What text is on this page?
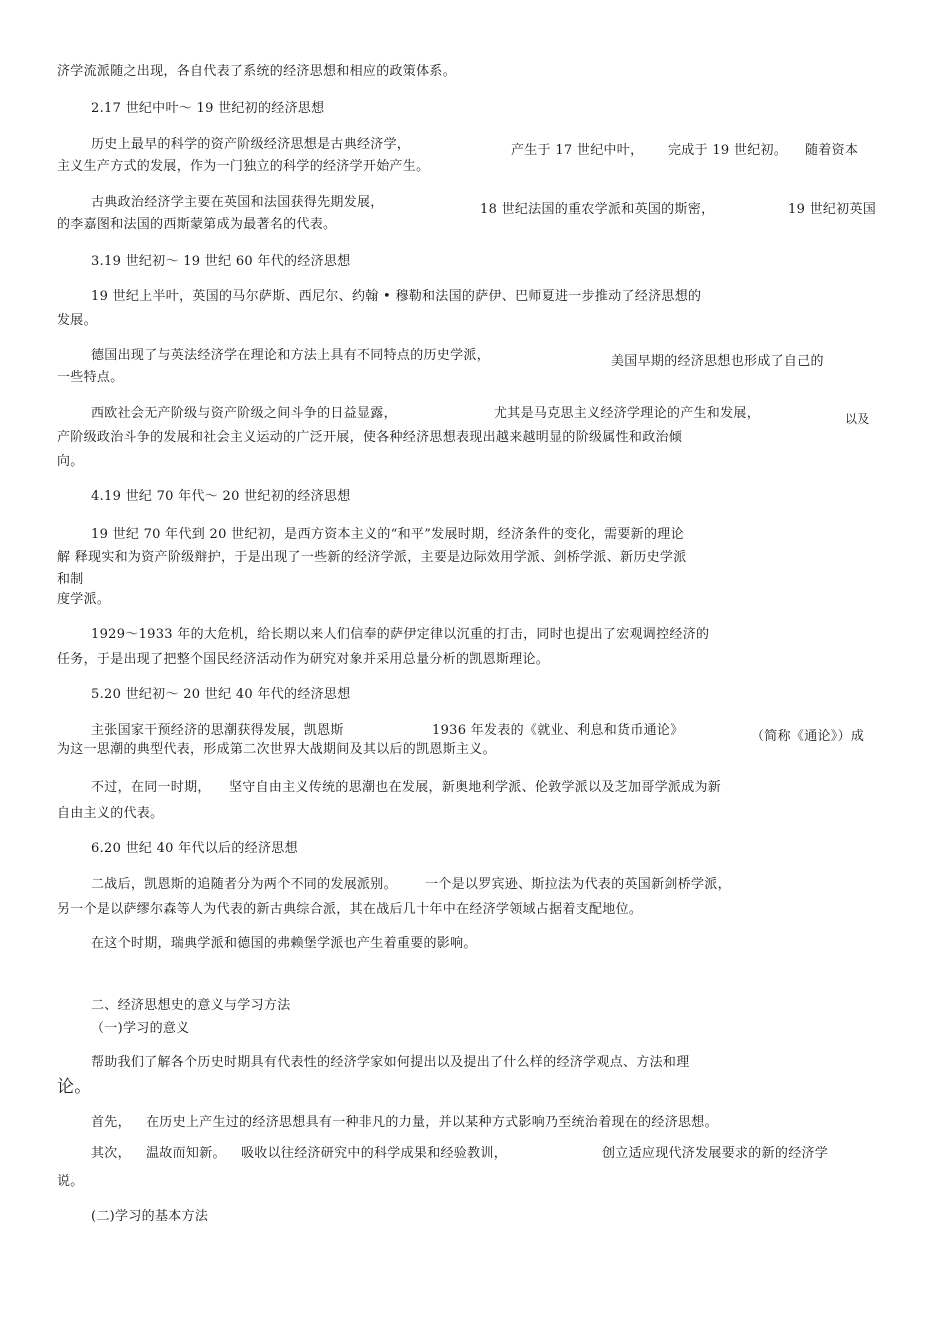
济学流派随之出现，各自代表了系统的经济思想和相应的政策体系。
2.17 世纪中叶～ 19 世纪初的经济思想
历史上最早的科学的资产阶级经济思想是古典经济学，	产生于 17 世纪中叶， 完成于 19 世纪初。 随着资本
主义生产方式的发展，作为一门独立的科学的经济学开始产生。
古典政治经济学主要在英国和法国获得先期发展，	18 世纪法国的重农学派和英国的斯密，	19 世纪初英国
的李嘉图和法国的西斯蒙第成为最著名的代表。
3.19 世纪初～ 19 世纪 60 年代的经济思想
19 世纪上半叶，英国的马尔萨斯、西尼尔、约翰 • 穆勒和法国的萨伊、巴师夏进一步推动了经济思想的
发展。
德国出现了与英法经济学在理论和方法上具有不同特点的历史学派，	美国早期的经济思想也形成了自己的
一些特点。
西欧社会无产阶级与资产阶级之间斗争的日益显露，	尤其是马克思主义经济学理论的产生和发展，	以及
产阶级政治斗争的发展和社会主义运动的广泛开展，使各种经济思想表现出越来越明显的阶级属性和政治倾
向。
4.19 世纪 70 年代～ 20 世纪初的经济思想
19 世纪 70 年代到 20 世纪初，是西方资本主义的“和平”发展时期，经济条件的变化，需要新的理论
解 释现实和为资产阶级辩护，于是出现了一些新的经济学派，主要是边际效用学派、剑桥学派、新历史学派
和制
度学派。
1929～1933 年的大危机，给长期以来人们信奉的萨伊定律以沉重的打击，同时也提出了宏观调控经济的
任务，于是出现了把整个国民经济活动作为研究对象并采用总量分析的凯恩斯理论。
5.20 世纪初～ 20 世纪 40 年代的经济思想
主张国家干预经济的思潮获得发展，凯恩斯	1936 年发表的《就业、利息和货币通论》	（简称《通论》）成
为这一思潮的典型代表，形成第二次世界大战期间及其以后的凯恩斯主义。
不过，在同一时期， 坚守自由主义传统的思潮也在发展，新奥地利学派、伦敦学派以及芝加哥学派成为新
自由主义的代表。
6.20 世纪 40 年代以后的经济思想
二战后，凯恩斯的追随者分为两个不同的发展派别。 一个是以罗宾逊、斯拉法为代表的英国新剑桥学派，
另一个是以萨缪尔森等人为代表的新古典综合派，其在战后几十年中在经济学领域占据着支配地位。
在这个时期，瑞典学派和德国的弗赖堡学派也产生着重要的影响。
二、经济思想史的意义与学习方法
（一)学习的意义
帮助我们了解各个历史时期具有代表性的经济学家如何提出以及提出了什么样的经济学观点、方法和理
论。
首先， 在历史上产生过的经济思想具有一种非凡的力量，并以某种方式影响乃至统治着现在的经济思想。
其次， 温故而知新。 吸收以往经济研究中的科学成果和经验教训，	创立适应现代济发展要求的新的经济学
说。
(二)学习的基本方法
